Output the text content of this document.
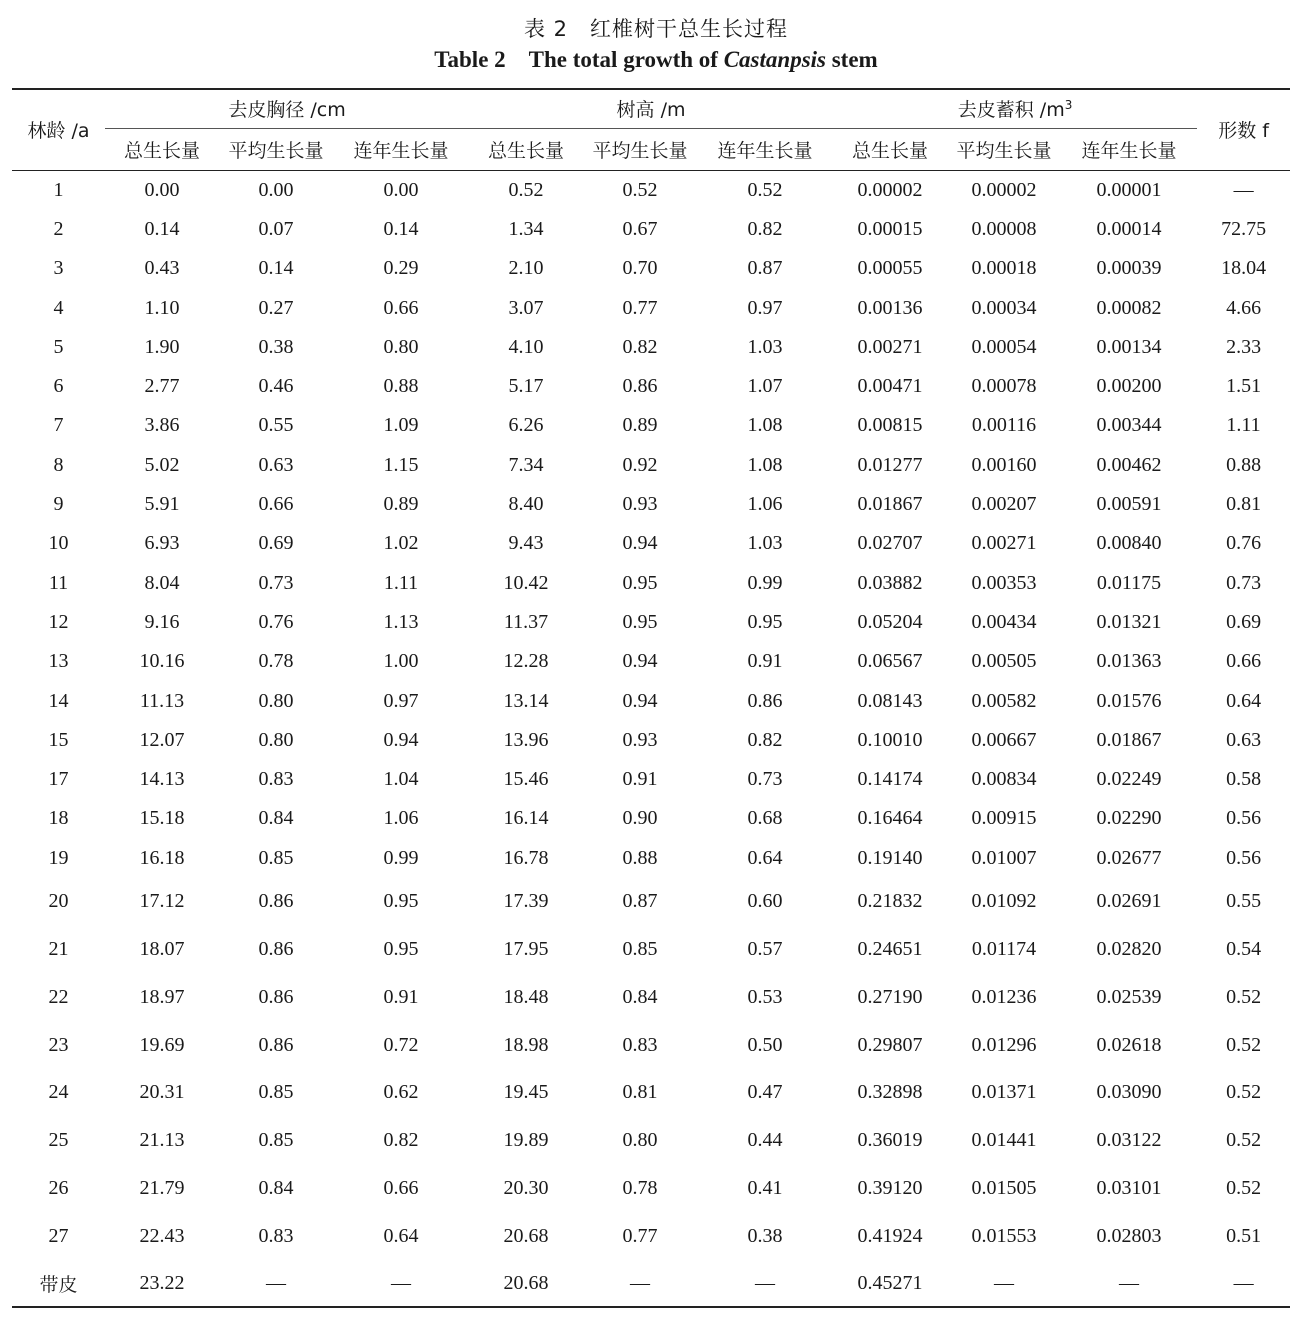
表 2　红椎树干总生长过程
Table 2　The total growth of Castanpsis stem
林龄 /a	去皮胸径 /cm			树高 /m			去皮蓄积 $/m^3$			形数 f
	总生长量	平均生长量	连年生长量	总生长量	平均生长量	连年生长量	总生长量	平均生长量	连年生长量	
1	0.00	0.00	0.00	0.52	0.52	0.52	0.00002	0.00002	0.00001	—
2	0.14	0.07	0.14	1.34	0.67	0.82	0.00015	0.00008	0.00014	72.75
3	0.43	0.14	0.29	2.10	0.70	0.87	0.00055	0.00018	0.00039	18.04
4	1.10	0.27	0.66	3.07	0.77	0.97	0.00136	0.00034	0.00082	4.66
5	1.90	0.38	0.80	4.10	0.82	1.03	0.00271	0.00054	0.00134	2.33
6	2.77	0.46	0.88	5.17	0.86	1.07	0.00471	0.00078	0.00200	1.51
7	3.86	0.55	1.09	6.26	0.89	1.08	0.00815	0.00116	0.00344	1.11
8	5.02	0.63	1.15	7.34	0.92	1.08	0.01277	0.00160	0.00462	0.88
9	5.91	0.66	0.89	8.40	0.93	1.06	0.01867	0.00207	0.00591	0.81
10	6.93	0.69	1.02	9.43	0.94	1.03	0.02707	0.00271	0.00840	0.76
11	8.04	0.73	1.11	10.42	0.95	0.99	0.03882	0.00353	0.01175	0.73
12	9.16	0.76	1.13	11.37	0.95	0.95	0.05204	0.00434	0.01321	0.69
13	10.16	0.78	1.00	12.28	0.94	0.91	0.06567	0.00505	0.01363	0.66
14	11.13	0.80	0.97	13.14	0.94	0.86	0.08143	0.00582	0.01576	0.64
15	12.07	0.80	0.94	13.96	0.93	0.82	0.10010	0.00667	0.01867	0.63
17	14.13	0.83	1.04	15.46	0.91	0.73	0.14174	0.00834	0.02249	0.58
18	15.18	0.84	1.06	16.14	0.90	0.68	0.16464	0.00915	0.02290	0.56
19	16.18	0.85	0.99	16.78	0.88	0.64	0.19140	0.01007	0.02677	0.56
20	17.12	0.86	0.95	17.39	0.87	0.60	0.21832	0.01092	0.02691	0.55
21	18.07	0.86	0.95	17.95	0.85	0.57	0.24651	0.01174	0.02820	0.54
22	18.97	0.86	0.91	18.48	0.84	0.53	0.27190	0.01236	0.02539	0.52
23	19.69	0.86	0.72	18.98	0.83	0.50	0.29807	0.01296	0.02618	0.52
24	20.31	0.85	0.62	19.45	0.81	0.47	0.32898	0.01371	0.03090	0.52
25	21.13	0.85	0.82	19.89	0.80	0.44	0.36019	0.01441	0.03122	0.52
26	21.79	0.84	0.66	20.30	0.78	0.41	0.39120	0.01505	0.03101	0.52
27	22.43	0.83	0.64	20.68	0.77	0.38	0.41924	0.01553	0.02803	0.51
带皮	23.22	—	—	20.68	—	—	0.45271	—	—	—
